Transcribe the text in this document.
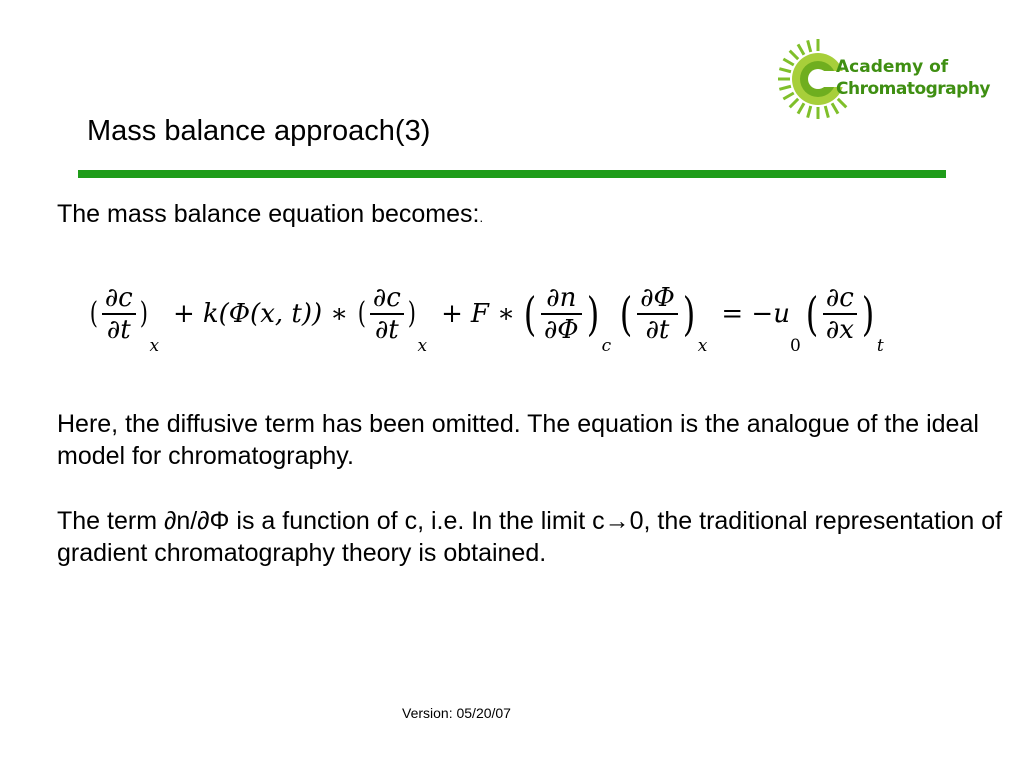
Academy of
Chromatography
Mass balance approach(3)
The mass balance equation becomes:.
( $\frac{\partial c}{\partial t}$ )
x
+ k(Φ(x, t)) ∗ ( $\frac{\partial c}{\partial t}$ )
x
+ F ∗ ( $\frac{\partial n}{\partial\Phi}$ )
c
( $\frac{\partial\Phi}{\partial t}$ )
x
= −u
0
( $\frac{\partial c}{\partial x}$ )
t
Here, the diffusive term has been omitted. The equation is the analogue of the ideal model for chromatography.
The term ∂n/∂Φ is a function of c, i.e. In the limit c→0, the traditional representation of gradient chromatography theory is obtained.
Version: 05/20/07
